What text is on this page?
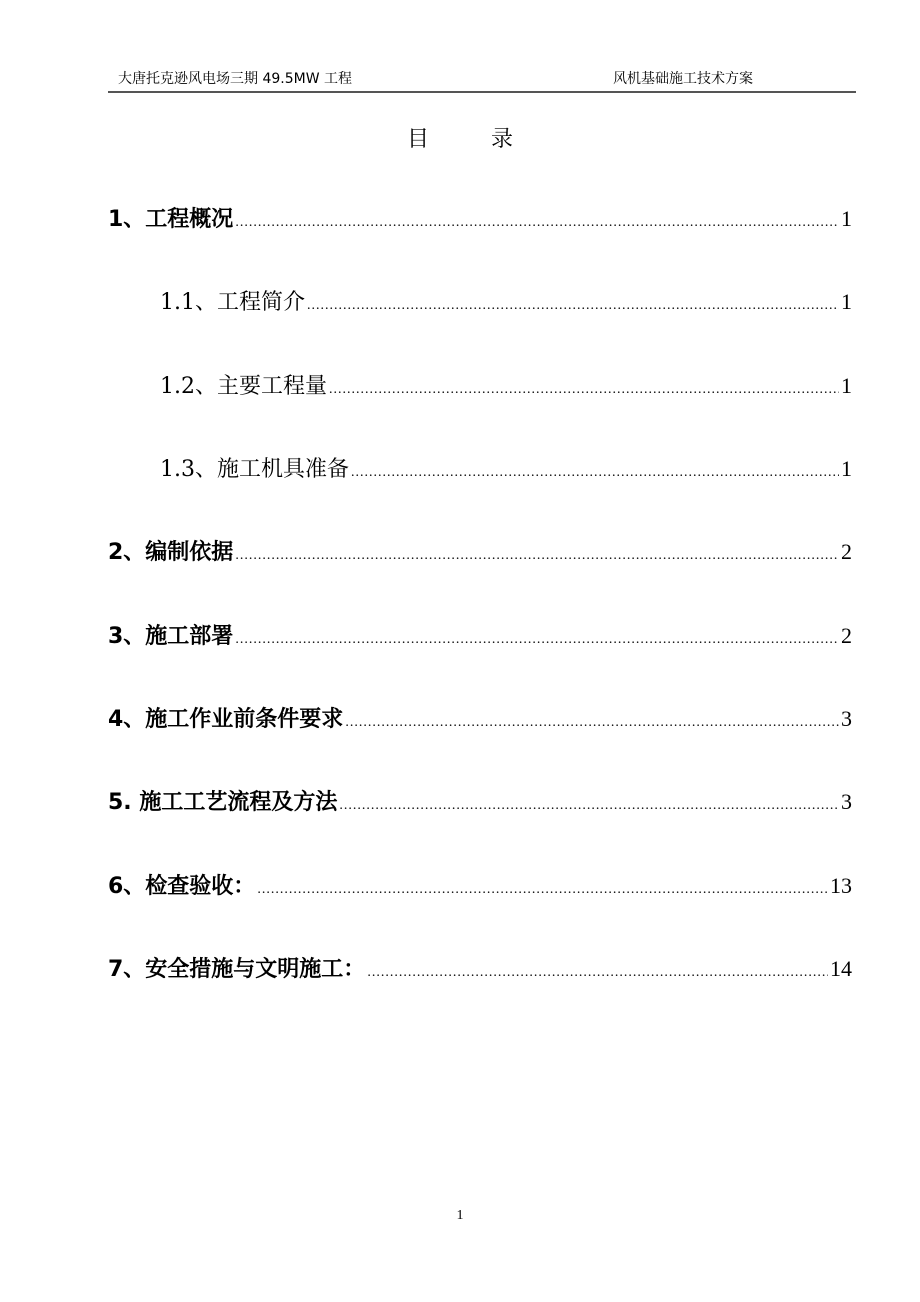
大唐托克逊风电场三期 49.5MW 工程	风机基础施工技术方案
目录
1、工程概况 .....	1
1.1、工程简介 .....	1
1.2、主要工程量 .....	1
1.3、施工机具准备 .....	1
2、编制依据 .....	2
3、施工部署 .....	2
4、施工作业前条件要求 .....	3
5. 施工工艺流程及方法 .....	3
6、检查验收： .....	13
7、安全措施与文明施工： .....	14
1
